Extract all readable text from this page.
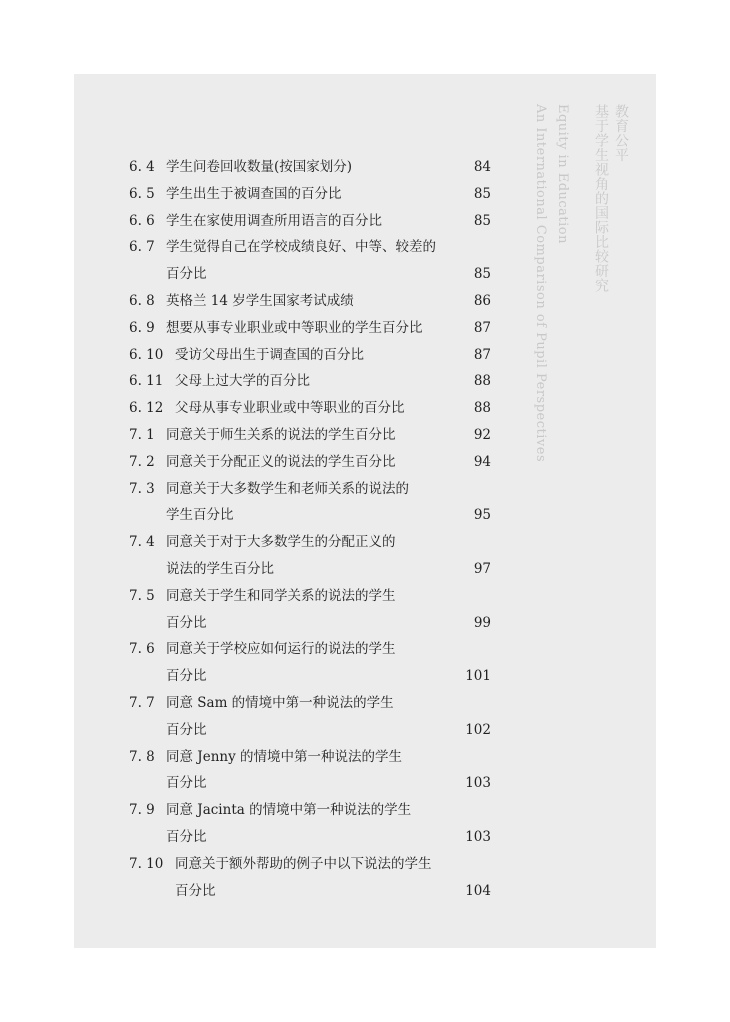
教育公平
基于学生视角的国际比较研究
Equity in Education
An International Comparison of Pupil Perspectives
6. 4 学生问卷回收数量(按国家划分)	84
6. 5 学生出生于被调查国的百分比	85
6. 6 学生在家使用调查所用语言的百分比	85
6. 7 学生觉得自己在学校成绩良好、中等、较差的
百分比	85
6. 8 英格兰 14 岁学生国家考试成绩	86
6. 9 想要从事专业职业或中等职业的学生百分比	87
6. 10 受访父母出生于调查国的百分比	87
6. 11 父母上过大学的百分比	88
6. 12 父母从事专业职业或中等职业的百分比	88
7. 1 同意关于师生关系的说法的学生百分比	92
7. 2 同意关于分配正义的说法的学生百分比	94
7. 3 同意关于大多数学生和老师关系的说法的
学生百分比	95
7. 4 同意关于对于大多数学生的分配正义的
说法的学生百分比	97
7. 5 同意关于学生和同学关系的说法的学生
百分比	99
7. 6 同意关于学校应如何运行的说法的学生
百分比	101
7. 7 同意 Sam 的情境中第一种说法的学生
百分比	102
7. 8 同意 Jenny 的情境中第一种说法的学生
百分比	103
7. 9 同意 Jacinta 的情境中第一种说法的学生
百分比	103
7. 10 同意关于额外帮助的例子中以下说法的学生
百分比	104
